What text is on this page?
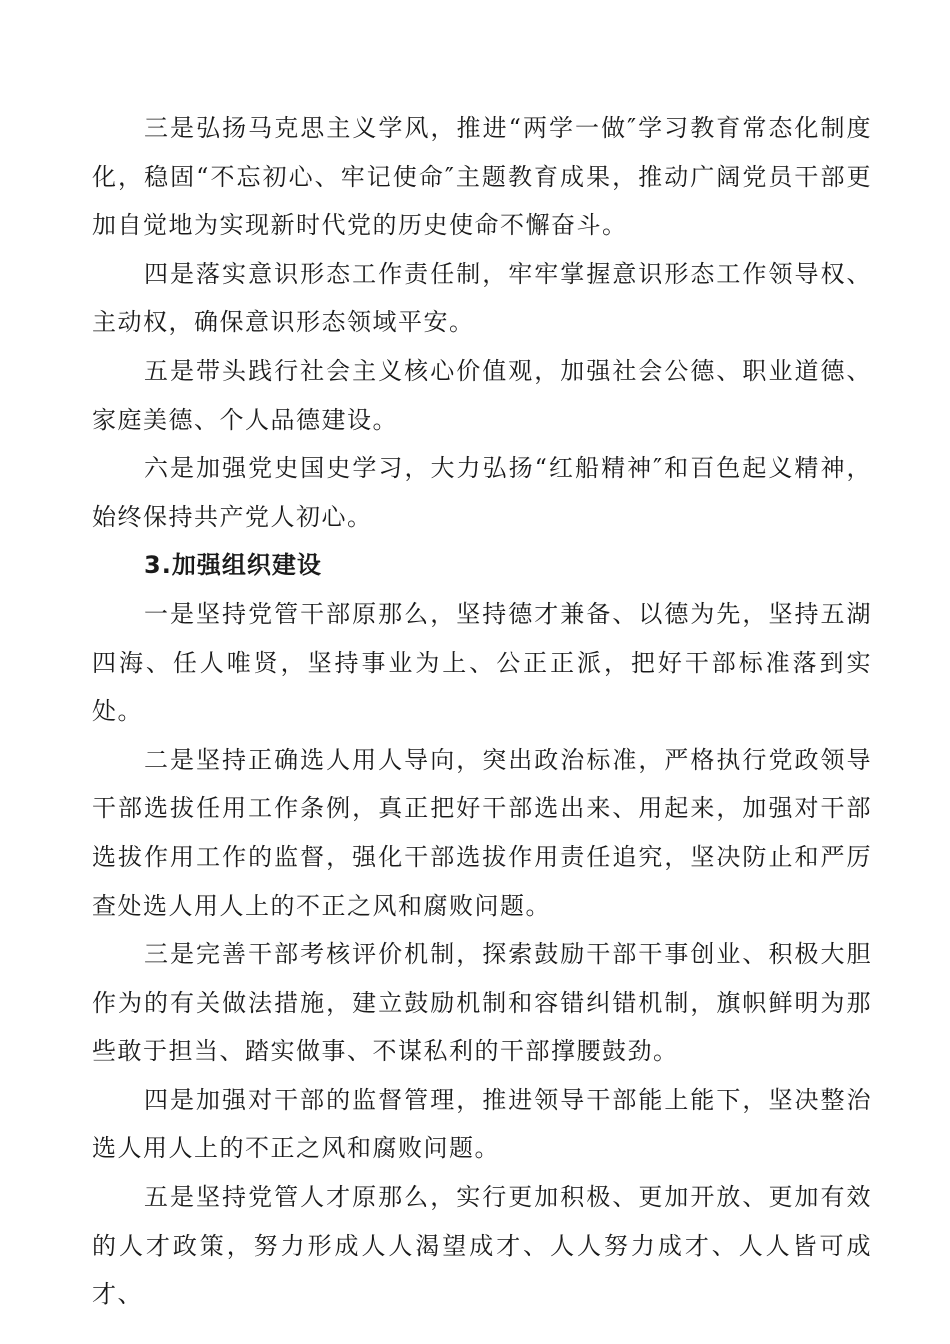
三是弘扬马克思主义学风，推进“两学一做″学习教育常态化制度化，稳固“不忘初心、牢记使命″主题教育成果，推动广阔党员干部更加自觉地为实现新时代党的历史使命不懈奋斗。

四是落实意识形态工作责任制，牢牢掌握意识形态工作领导权、主动权，确保意识形态领域平安。

五是带头践行社会主义核心价值观，加强社会公德、职业道德、家庭美德、个人品德建设。

六是加强党史国史学习，大力弘扬“红船精神″和百色起义精神，始终保持共产党人初心。

3.加强组织建设

一是坚持党管干部原那么，坚持德才兼备、以德为先，坚持五湖四海、任人唯贤，坚持事业为上、公正正派，把好干部标准落到实处。

二是坚持正确选人用人导向，突出政治标准，严格执行党政领导干部选拔任用工作条例，真正把好干部选出来、用起来，加强对干部选拔作用工作的监督，强化干部选拔作用责任追究，坚决防止和严厉查处选人用人上的不正之风和腐败问题。

三是完善干部考核评价机制，探索鼓励干部干事创业、积极大胆作为的有关做法措施，建立鼓励机制和容错纠错机制，旗帜鲜明为那些敢于担当、踏实做事、不谋私利的干部撑腰鼓劲。

四是加强对干部的监督管理，推进领导干部能上能下，坚决整治选人用人上的不正之风和腐败问题。

五是坚持党管人才原那么，实行更加积极、更加开放、更加有效的人才政策，努力形成人人渴望成才、人人努力成才、人人皆可成才、
